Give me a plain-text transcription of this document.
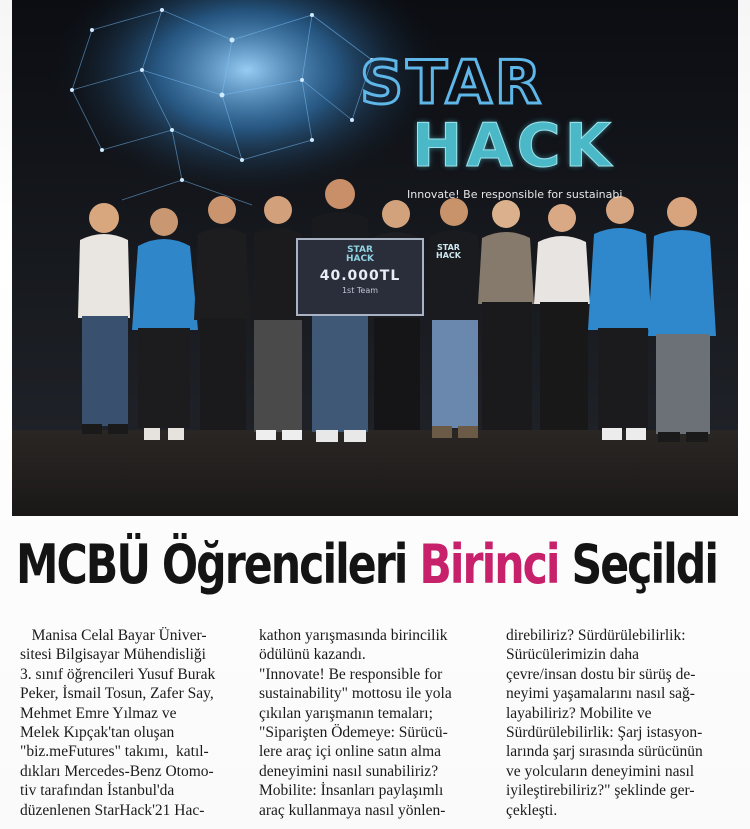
STAR
HACK
Innovate! Be responsible for sustainabi
STAR
HACK
STAR
HACK
40.000TL
1st Team
MCBÜ Öğrencileri Birinci Seçildi

Manisa Celal Bayar Üniver-
sitesi Bilgisayar Mühendisliği
3. sınıf öğrencileri Yusuf Burak
Peker, İsmail Tosun, Zafer Say,
Mehmet Emre Yılmaz ve
Melek Kıpçak'tan oluşan
"biz.meFutures" takımı,  katıl-
dıkları Mercedes-Benz Otomo-
tiv tarafından İstanbul'da
düzenlenen StarHack'21 Hac-

kathon yarışmasında birincilik
ödülünü kazandı.
"Innovate! Be responsible for
sustainability" mottosu ile yola
çıkılan yarışmanın temaları;
"Siparişten Ödemeye: Sürücü-
lere araç içi online satın alma
deneyimini nasıl sunabiliriz?
Mobilite: İnsanları paylaşımlı
araç kullanmaya nasıl yönlen-

direbiliriz? Sürdürülebilirlik:
Sürücülerimizin daha
çevre/insan dostu bir sürüş de-
neyimi yaşamalarını nasıl sağ-
layabiliriz? Mobilite ve
Sürdürülebilirlik: Şarj istasyon-
larında şarj sırasında sürücünün
ve yolcuların deneyimini nasıl
iyileştirebiliriz?" şeklinde ger-
çekleşti.
